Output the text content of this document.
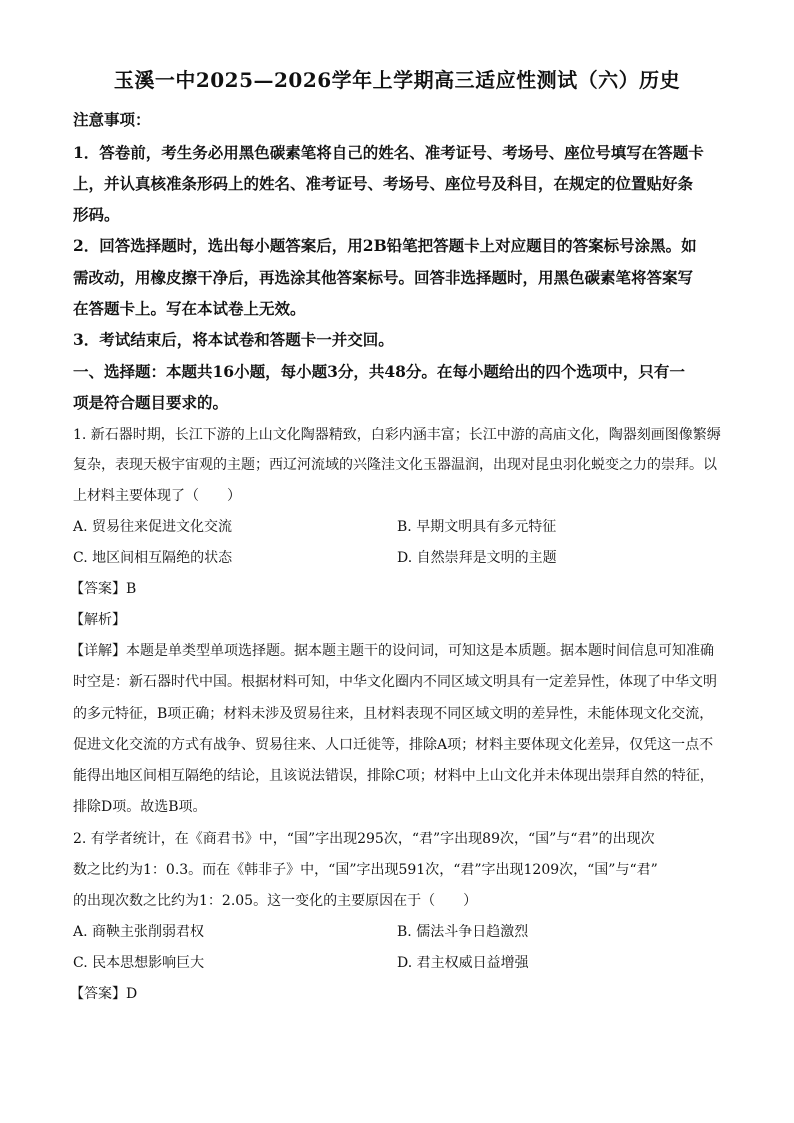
玉溪一中2025—2026学年上学期高三适应性测试（六）历史
注意事项：
1．答卷前，考生务必用黑色碳素笔将自己的姓名、准考证号、考场号、座位号填写在答题卡
上，并认真核准条形码上的姓名、准考证号、考场号、座位号及科目，在规定的位置贴好条
形码。
2．回答选择题时，选出每小题答案后，用2B铅笔把答题卡上对应题目的答案标号涂黑。如
需改动，用橡皮擦干净后，再选涂其他答案标号。回答非选择题时，用黑色碳素笔将答案写
在答题卡上。写在本试卷上无效。
3．考试结束后，将本试卷和答题卡一并交回。
一、选择题：本题共16小题，每小题3分，共48分。在每小题给出的四个选项中，只有一
项是符合题目要求的。
1. 新石器时期，长江下游的上山文化陶器精致，白彩内涵丰富；长江中游的高庙文化，陶器刻画图像繁缛
复杂，表现天极宇宙观的主题；西辽河流域的兴隆洼文化玉器温润，出现对昆虫羽化蜕变之力的崇拜。以
上材料主要体现了（　　）
A. 贸易往来促进文化交流	B. 早期文明具有多元特征
C. 地区间相互隔绝的状态	D. 自然崇拜是文明的主题
【答案】B
【解析】
【详解】本题是单类型单项选择题。据本题主题干的设问词，可知这是本质题。据本题时间信息可知准确
时空是：新石器时代中国。根据材料可知，中华文化圈内不同区域文明具有一定差异性，体现了中华文明
的多元特征，B项正确；材料未涉及贸易往来，且材料表现不同区域文明的差异性，未能体现文化交流，
促进文化交流的方式有战争、贸易往来、人口迁徙等，排除A项；材料主要体现文化差异，仅凭这一点不
能得出地区间相互隔绝的结论，且该说法错误，排除C项；材料中上山文化并未体现出崇拜自然的特征，
排除D项。故选B项。
2. 有学者统计，在《商君书》中，“国”字出现295次，“君”字出现89次，“国”与“君”的出现次
数之比约为1：0.3。而在《韩非子》中，“国”字出现591次，“君”字出现1209次，“国”与“君”
的出现次数之比约为1：2.05。这一变化的主要原因在于（　　）
A. 商鞅主张削弱君权	B. 儒法斗争日趋激烈
C. 民本思想影响巨大	D. 君主权威日益增强
【答案】D
